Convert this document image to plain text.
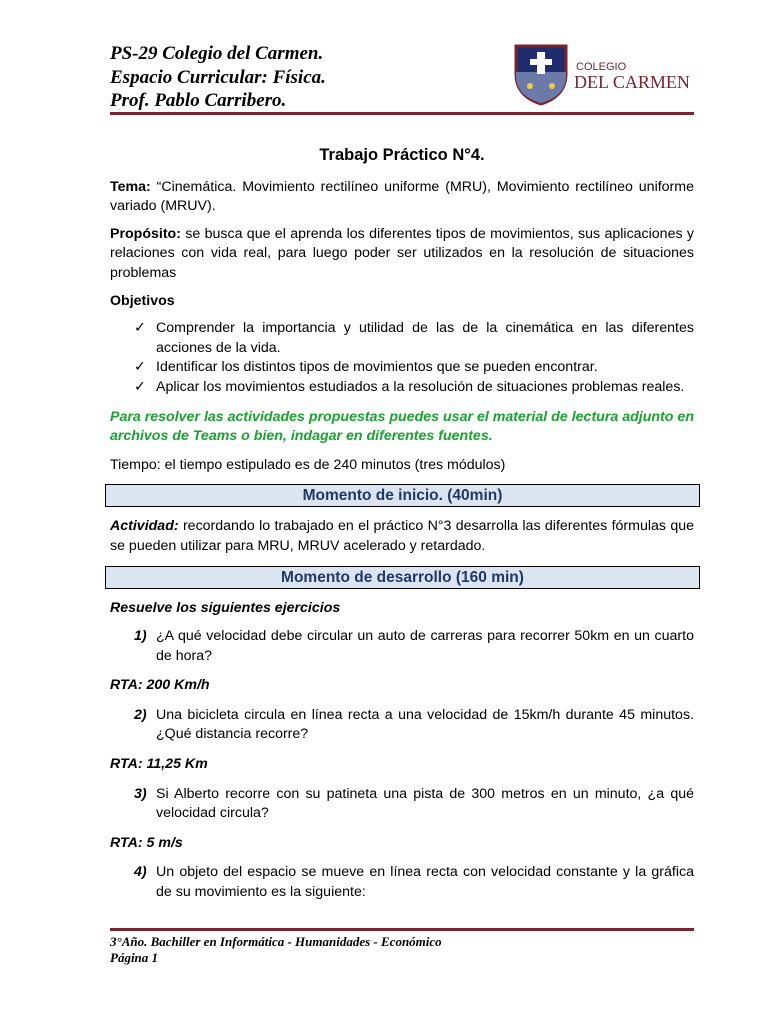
PS-29 Colegio del Carmen.
Espacio Curricular: Física.
Prof. Pablo Carribero.
COLEGIO
DEL CARMEN

Trabajo Práctico N°4.

Tema: “Cinemática. Movimiento rectilíneo uniforme (MRU), Movimiento rectilíneo uniforme variado (MRUV).

Propósito: se busca que el aprenda los diferentes tipos de movimientos, sus aplicaciones y relaciones con vida real, para luego poder ser utilizados en la resolución de situaciones problemas

Objetivos

✓ Comprender la importancia y utilidad de las de la cinemática en las diferentes acciones de la vida.
✓ Identificar los distintos tipos de movimientos que se pueden encontrar.
✓ Aplicar los movimientos estudiados a la resolución de situaciones problemas reales.

Para resolver las actividades propuestas puedes usar el material de lectura adjunto en archivos de Teams o bien, indagar en diferentes fuentes.

Tiempo: el tiempo estipulado es de 240 minutos (tres módulos)

Momento de inicio. (40min)

Actividad: recordando lo trabajado en el práctico N°3 desarrolla las diferentes fórmulas que se pueden utilizar para MRU, MRUV acelerado y retardado.

Momento de desarrollo (160 min)

Resuelve los siguientes ejercicios

1) ¿A qué velocidad debe circular un auto de carreras para recorrer 50km en un cuarto de hora?
RTA: 200 Km/h
2) Una bicicleta circula en línea recta a una velocidad de 15km/h durante 45 minutos. ¿Qué distancia recorre?
RTA: 11,25 Km
3) Si Alberto recorre con su patineta una pista de 300 metros en un minuto, ¿a qué velocidad circula?
RTA: 5 m/s
4) Un objeto del espacio se mueve en línea recta con velocidad constante y la gráfica de su movimiento es la siguiente:
3°Año. Bachiller en Informática - Humanidades - Económico
Página 1
